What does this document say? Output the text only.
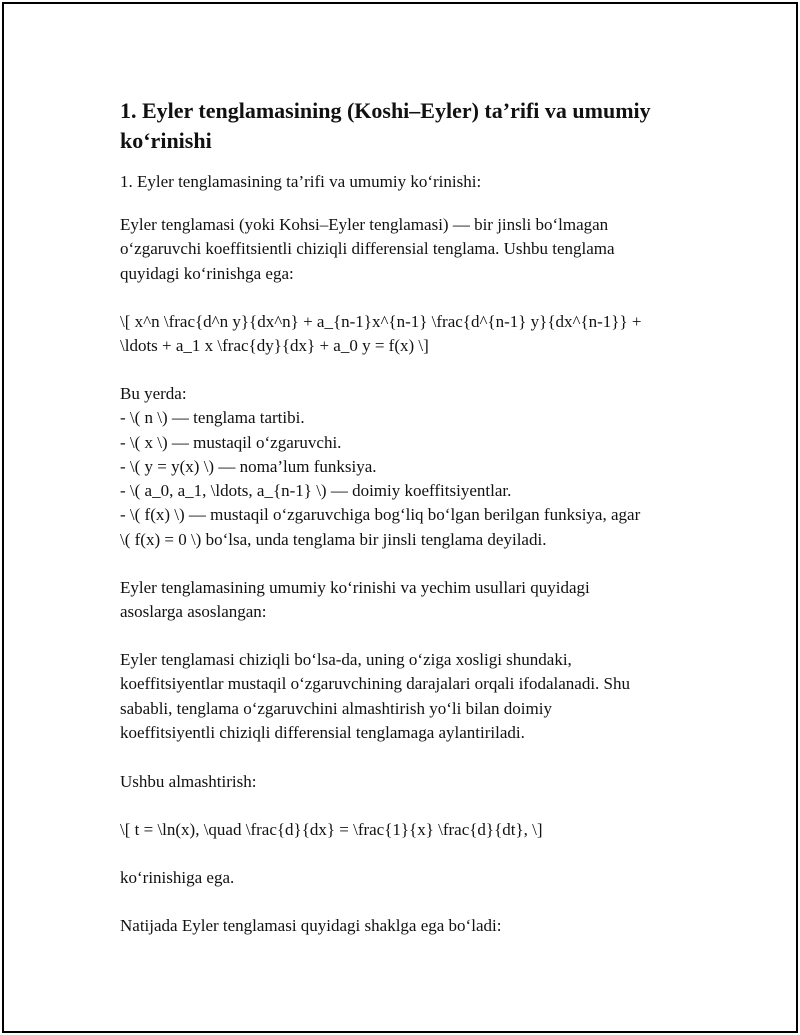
1. Eyler tenglamasining (Koshi–Eyler) ta’rifi va umumiy
ko‘rinishi
1. Eyler tenglamasining ta’rifi va umumiy ko‘rinishi:
Eyler tenglamasi (yoki Kohsi–Eyler tenglamasi) — bir jinsli bo‘lmagan
o‘zgaruvchi koeffitsientli chiziqli differensial tenglama. Ushbu tenglama
quyidagi ko‘rinishga ega:
\[ x^n \frac{d^n y}{dx^n} + a_{n-1}x^{n-1} \frac{d^{n-1} y}{dx^{n-1}} +
\ldots + a_1 x \frac{dy}{dx} + a_0 y = f(x) \]
Bu yerda:
- \( n \) — tenglama tartibi.
- \( x \) — mustaqil o‘zgaruvchi.
- \( y = y(x) \) — noma’lum funksiya.
- \( a_0, a_1, \ldots, a_{n-1} \) — doimiy koeffitsiyentlar.
- \( f(x) \) — mustaqil o‘zgaruvchiga bog‘liq bo‘lgan berilgan funksiya, agar
\( f(x) = 0 \) bo‘lsa, unda tenglama bir jinsli tenglama deyiladi.
Eyler tenglamasining umumiy ko‘rinishi va yechim usullari quyidagi
asoslarga asoslangan:
Eyler tenglamasi chiziqli bo‘lsa-da, uning o‘ziga xosligi shundaki,
koeffitsiyentlar mustaqil o‘zgaruvchining darajalari orqali ifodalanadi. Shu
sababli, tenglama o‘zgaruvchini almashtirish yo‘li bilan doimiy
koeffitsiyentli chiziqli differensial tenglamaga aylantiriladi.
Ushbu almashtirish:
\[ t = \ln(x), \quad \frac{d}{dx} = \frac{1}{x} \frac{d}{dt}, \]
ko‘rinishiga ega.
Natijada Eyler tenglamasi quyidagi shaklga ega bo‘ladi:
